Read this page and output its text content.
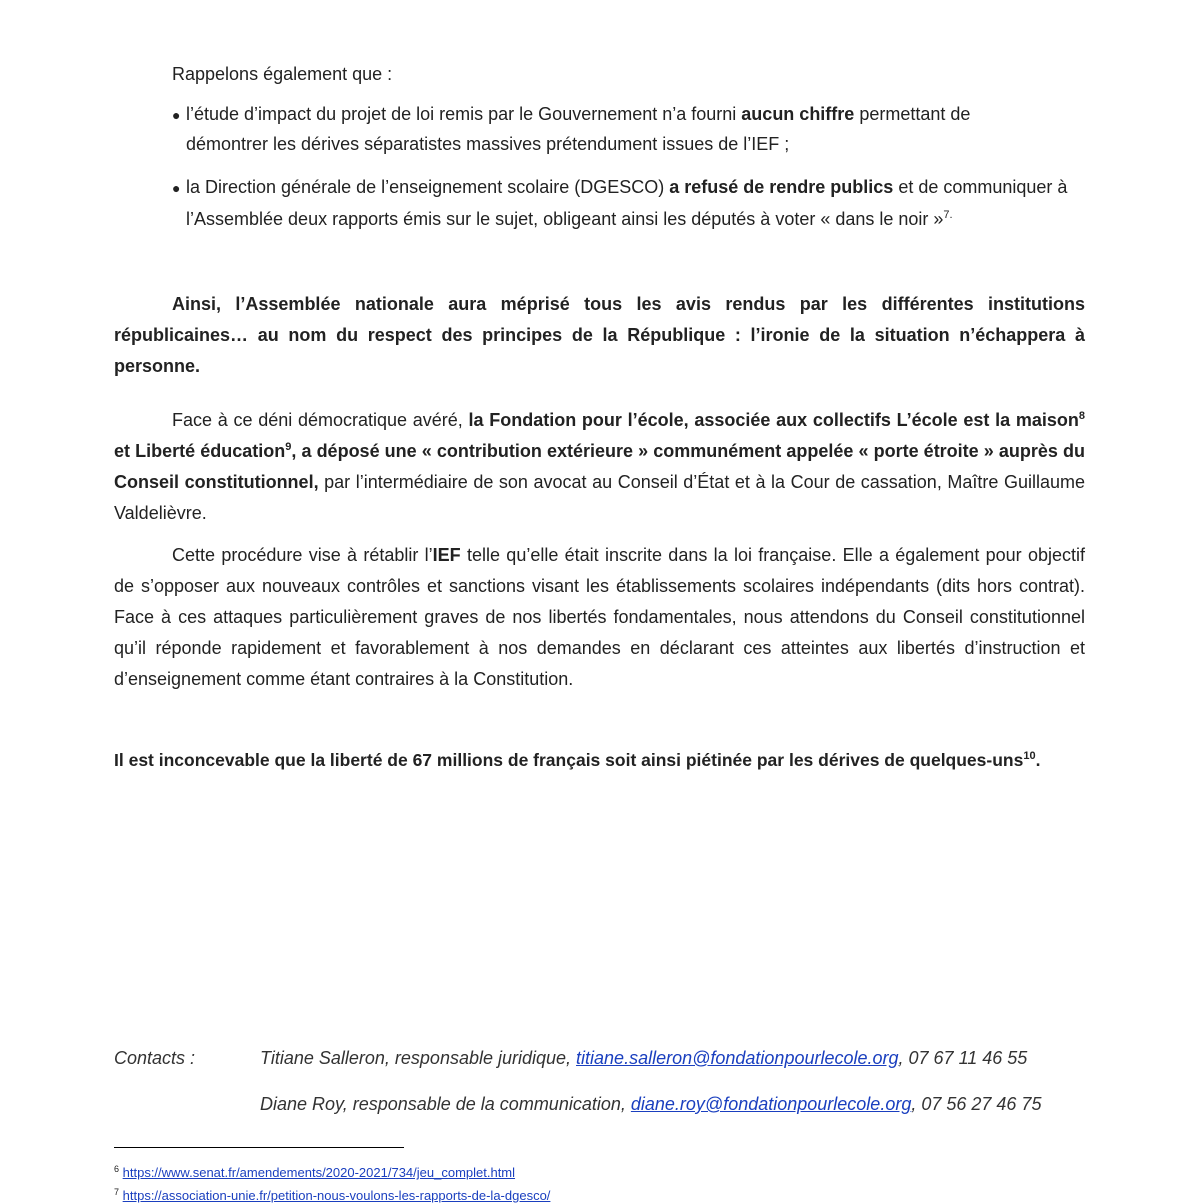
Rappelons également que :

● l’étude d’impact du projet de loi remis par le Gouvernement n’a fourni aucun chiffre permettant de
démontrer les dérives séparatistes massives prétendument issues de l’IEF ;
● la Direction générale de l’enseignement scolaire (DGESCO) a refusé de rendre publics et de communiquer à
l’Assemblée deux rapports émis sur le sujet, obligeant ainsi les députés à voter « dans le noir »$^{7.}$

Ainsi, l’Assemblée nationale aura méprisé tous les avis rendus par les différentes institutions républicaines… au nom du respect des principes de la République : l’ironie de la situation n’échappera à personne.

Face à ce déni démocratique avéré, la Fondation pour l’école, associée aux collectifs L’école est la maison$^8$ et Liberté éducation$^9$, a déposé une « contribution extérieure » communément appelée « porte étroite » auprès du Conseil constitutionnel, par l’intermédiaire de son avocat au Conseil d’État et à la Cour de cassation, Maître Guillaume Valdelièvre.

Cette procédure vise à rétablir l’IEF telle qu’elle était inscrite dans la loi française. Elle a également pour objectif de s’opposer aux nouveaux contrôles et sanctions visant les établissements scolaires indépendants (dits hors contrat). Face à ces attaques particulièrement graves de nos libertés fondamentales, nous attendons du Conseil constitutionnel qu’il réponde rapidement et favorablement à nos demandes en déclarant ces atteintes aux libertés d’instruction et d’enseignement comme étant contraires à la Constitution.

Il est inconcevable que la liberté de 67 millions de français soit ainsi piétinée par les dérives de quelques-uns$^{10}$.

Contacts :	Titiane Salleron, responsable juridique, titiane.salleron@fondationpourlecole.org, 07 67 11 46 55
Diane Roy, responsable de la communication, diane.roy@fondationpourlecole.org, 07 56 27 46 75
$^6$ https://www.senat.fr/amendements/2020-2021/734/jeu_complet.html
$^7$ https://association-unie.fr/petition-nous-voulons-les-rapports-de-la-dgesco/
